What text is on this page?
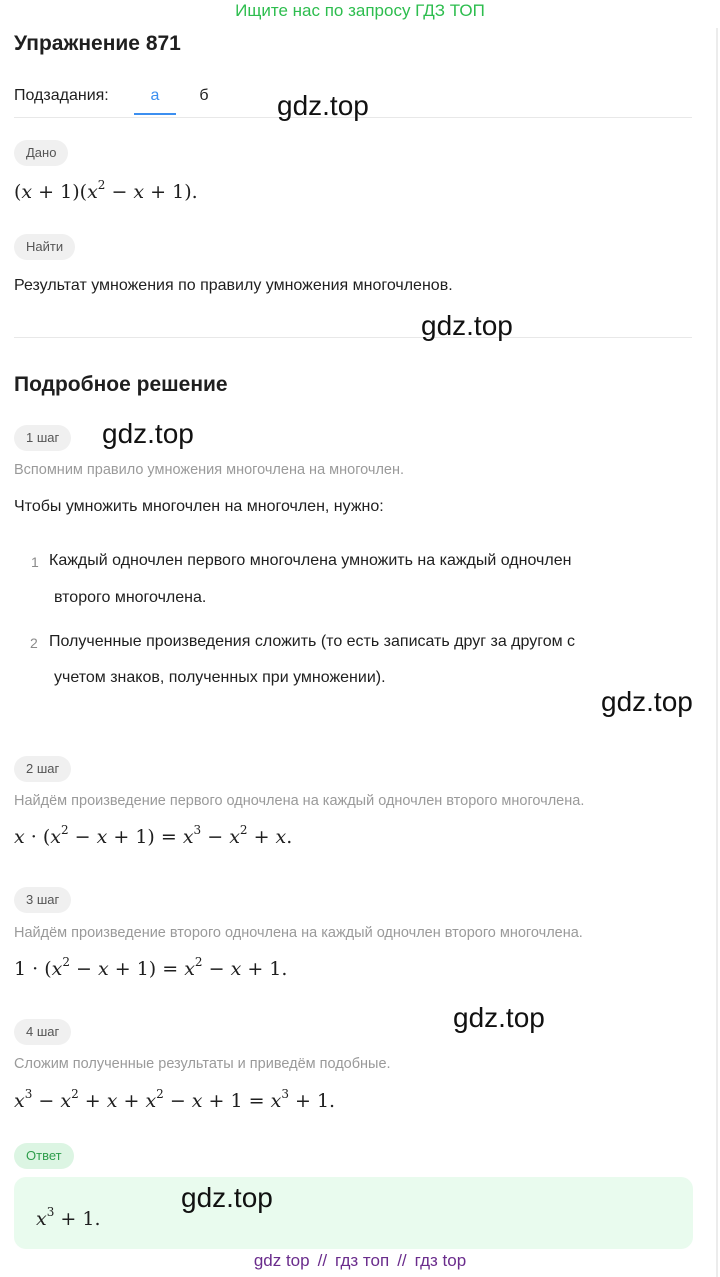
Ищите нас по запросу ГДЗ ТОП
Упражнение 871
Подзадания:	а	б	gdz.top
Дано
$(x + 1)(x^2 - x + 1)$.
Найти
Результат умножения по правилу умножения многочленов.
gdz.top
Подробное решение
1 шаг	gdz.top
Вспомним правило умножения многочлена на многочлен.
Чтобы умножить многочлен на многочлен, нужно:
1 Каждый одночлен первого многочлена умножить на каждый одночлен
второго многочлена.
2 Полученные произведения сложить (то есть записать друг за другом с
учетом знаков, полученных при умножении).
gdz.top
2 шаг
Найдём произведение первого одночлена на каждый одночлен второго многочлена.
$x \cdot (x^2 - x + 1) = x^3 - x^2 + x$.
3 шаг
Найдём произведение второго одночлена на каждый одночлен второго многочлена.
$1 \cdot (x^2 - x + 1) = x^2 - x + 1$.
gdz.top
4 шаг
Сложим полученные результаты и приведём подобные.
$x^3 - x^2 + x + x^2 - x + 1 = x^3 + 1$.
Ответ
$x^3 + 1$.
gdz.top
gdz top // гдз топ // гдз top
